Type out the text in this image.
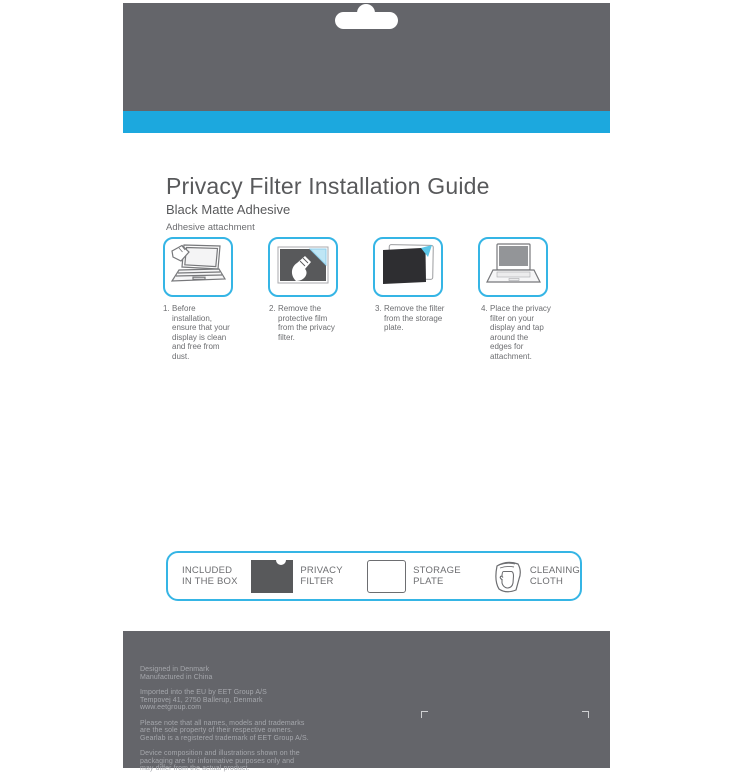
Privacy Filter Installation Guide
Black Matte Adhesive
Adhesive attachment
1. Before installation, ensure that your display is clean and free from dust.
2. Remove the protective film from the privacy filter.
3. Remove the filter from the storage plate.
4. Place the privacy filter on your display and tap around the edges for attachment.
INCLUDED
IN THE BOX
PRIVACY
FILTER
STORAGE
PLATE
CLEANING
CLOTH
Designed in Denmark
Manufactured in China
Imported into the EU by EET Group A/S
Tempovej 41, 2750 Ballerup, Denmark
www.eetgroup.com
Please note that all names, models and trademarks
are the sole property of their respective owners.
Gearlab is a registered trademark of EET Group A/S.
Device composition and illustrations shown on the
packaging are for informative purposes only and
may differ from the actual product.
